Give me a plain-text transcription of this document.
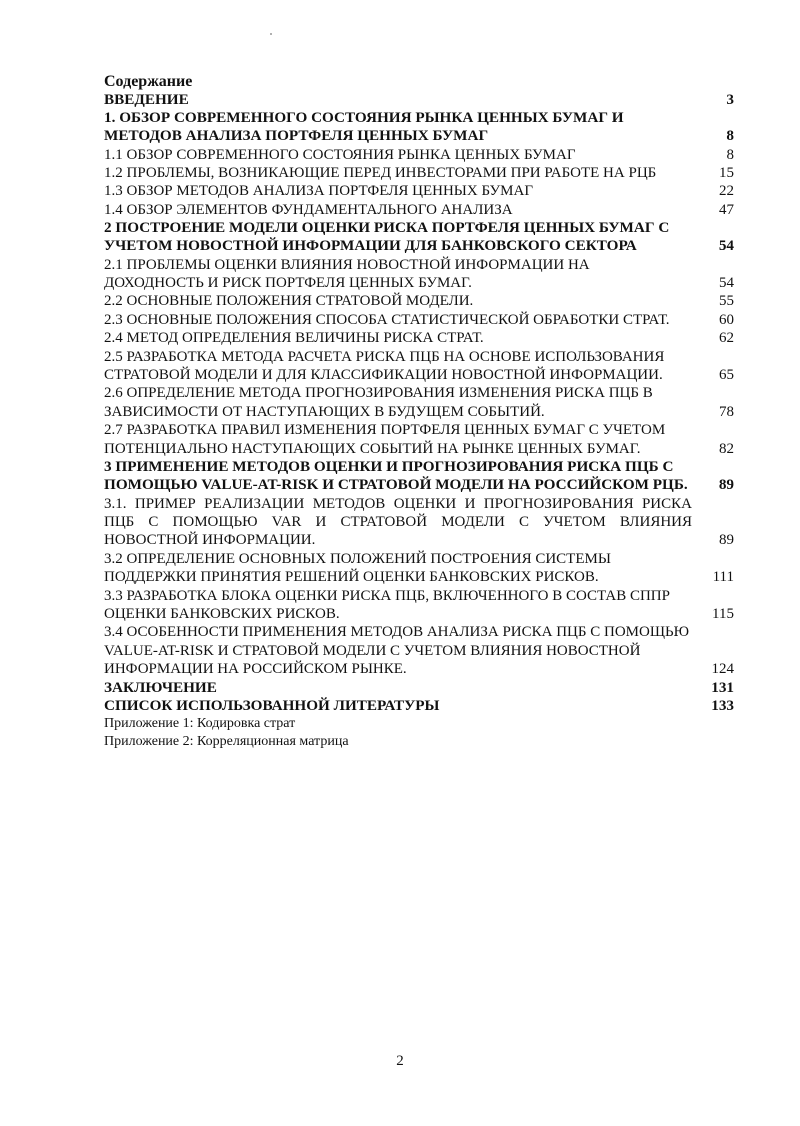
Содержание
ВВЕДЕНИЕ	3
1. ОБЗОР СОВРЕМЕННОГО СОСТОЯНИЯ РЫНКА ЦЕННЫХ БУМАГ И МЕТОДОВ АНАЛИЗА ПОРТФЕЛЯ ЦЕННЫХ БУМАГ	8
1.1 ОБЗОР СОВРЕМЕННОГО СОСТОЯНИЯ РЫНКА ЦЕННЫХ БУМАГ	8
1.2 ПРОБЛЕМЫ, ВОЗНИКАЮЩИЕ ПЕРЕД ИНВЕСТОРАМИ ПРИ РАБОТЕ НА РЦБ	15
1.3 ОБЗОР МЕТОДОВ АНАЛИЗА ПОРТФЕЛЯ ЦЕННЫХ БУМАГ	22
1.4 ОБЗОР ЭЛЕМЕНТОВ ФУНДАМЕНТАЛЬНОГО АНАЛИЗА	47
2 ПОСТРОЕНИЕ МОДЕЛИ ОЦЕНКИ РИСКА ПОРТФЕЛЯ ЦЕННЫХ БУМАГ С УЧЕТОМ НОВОСТНОЙ ИНФОРМАЦИИ ДЛЯ БАНКОВСКОГО СЕКТОРА	54
2.1 ПРОБЛЕМЫ ОЦЕНКИ ВЛИЯНИЯ НОВОСТНОЙ ИНФОРМАЦИИ НА ДОХОДНОСТЬ И РИСК ПОРТФЕЛЯ ЦЕННЫХ БУМАГ.	54
2.2 ОСНОВНЫЕ ПОЛОЖЕНИЯ СТРАТОВОЙ МОДЕЛИ.	55
2.3 ОСНОВНЫЕ ПОЛОЖЕНИЯ СПОСОБА СТАТИСТИЧЕСКОЙ ОБРАБОТКИ СТРАТ.	60
2.4 МЕТОД ОПРЕДЕЛЕНИЯ ВЕЛИЧИНЫ РИСКА СТРАТ.	62
2.5 РАЗРАБОТКА МЕТОДА РАСЧЕТА РИСКА ПЦБ НА ОСНОВЕ ИСПОЛЬЗОВАНИЯ СТРАТОВОЙ МОДЕЛИ И ДЛЯ КЛАССИФИКАЦИИ НОВОСТНОЙ ИНФОРМАЦИИ.	65
2.6 ОПРЕДЕЛЕНИЕ МЕТОДА ПРОГНОЗИРОВАНИЯ ИЗМЕНЕНИЯ РИСКА ПЦБ В ЗАВИСИМОСТИ ОТ НАСТУПАЮЩИХ В БУДУЩЕМ СОБЫТИЙ.	78
2.7 РАЗРАБОТКА ПРАВИЛ ИЗМЕНЕНИЯ ПОРТФЕЛЯ ЦЕННЫХ БУМАГ С УЧЕТОМ ПОТЕНЦИАЛЬНО НАСТУПАЮЩИХ СОБЫТИЙ НА РЫНКЕ ЦЕННЫХ БУМАГ.	82
3 ПРИМЕНЕНИЕ МЕТОДОВ ОЦЕНКИ И ПРОГНОЗИРОВАНИЯ РИСКА ПЦБ С ПОМОЩЬЮ VALUE-AT-RISK И СТРАТОВОЙ МОДЕЛИ НА РОССИЙСКОМ РЦБ.	89
3.1. ПРИМЕР РЕАЛИЗАЦИИ МЕТОДОВ ОЦЕНКИ И ПРОГНОЗИРОВАНИЯ РИСКА ПЦБ С ПОМОЩЬЮ VAR И СТРАТОВОЙ МОДЕЛИ С УЧЕТОМ ВЛИЯНИЯ НОВОСТНОЙ ИНФОРМАЦИИ.	89
3.2 ОПРЕДЕЛЕНИЕ ОСНОВНЫХ ПОЛОЖЕНИЙ ПОСТРОЕНИЯ СИСТЕМЫ ПОДДЕРЖКИ ПРИНЯТИЯ РЕШЕНИЙ ОЦЕНКИ БАНКОВСКИХ РИСКОВ.	111
3.3 РАЗРАБОТКА БЛОКА ОЦЕНКИ РИСКА ПЦБ, ВКЛЮЧЕННОГО В СОСТАВ СППР ОЦЕНКИ БАНКОВСКИХ РИСКОВ.	115
3.4 ОСОБЕННОСТИ ПРИМЕНЕНИЯ МЕТОДОВ АНАЛИЗА РИСКА ПЦБ С ПОМОЩЬЮ VALUE-AT-RISK И СТРАТОВОЙ МОДЕЛИ С УЧЕТОМ ВЛИЯНИЯ НОВОСТНОЙ ИНФОРМАЦИИ НА РОССИЙСКОМ РЫНКЕ.	124
ЗАКЛЮЧЕНИЕ	131
СПИСОК ИСПОЛЬЗОВАННОЙ ЛИТЕРАТУРЫ	133
Приложение 1: Кодировка страт
Приложение 2: Корреляционная матрица
2
